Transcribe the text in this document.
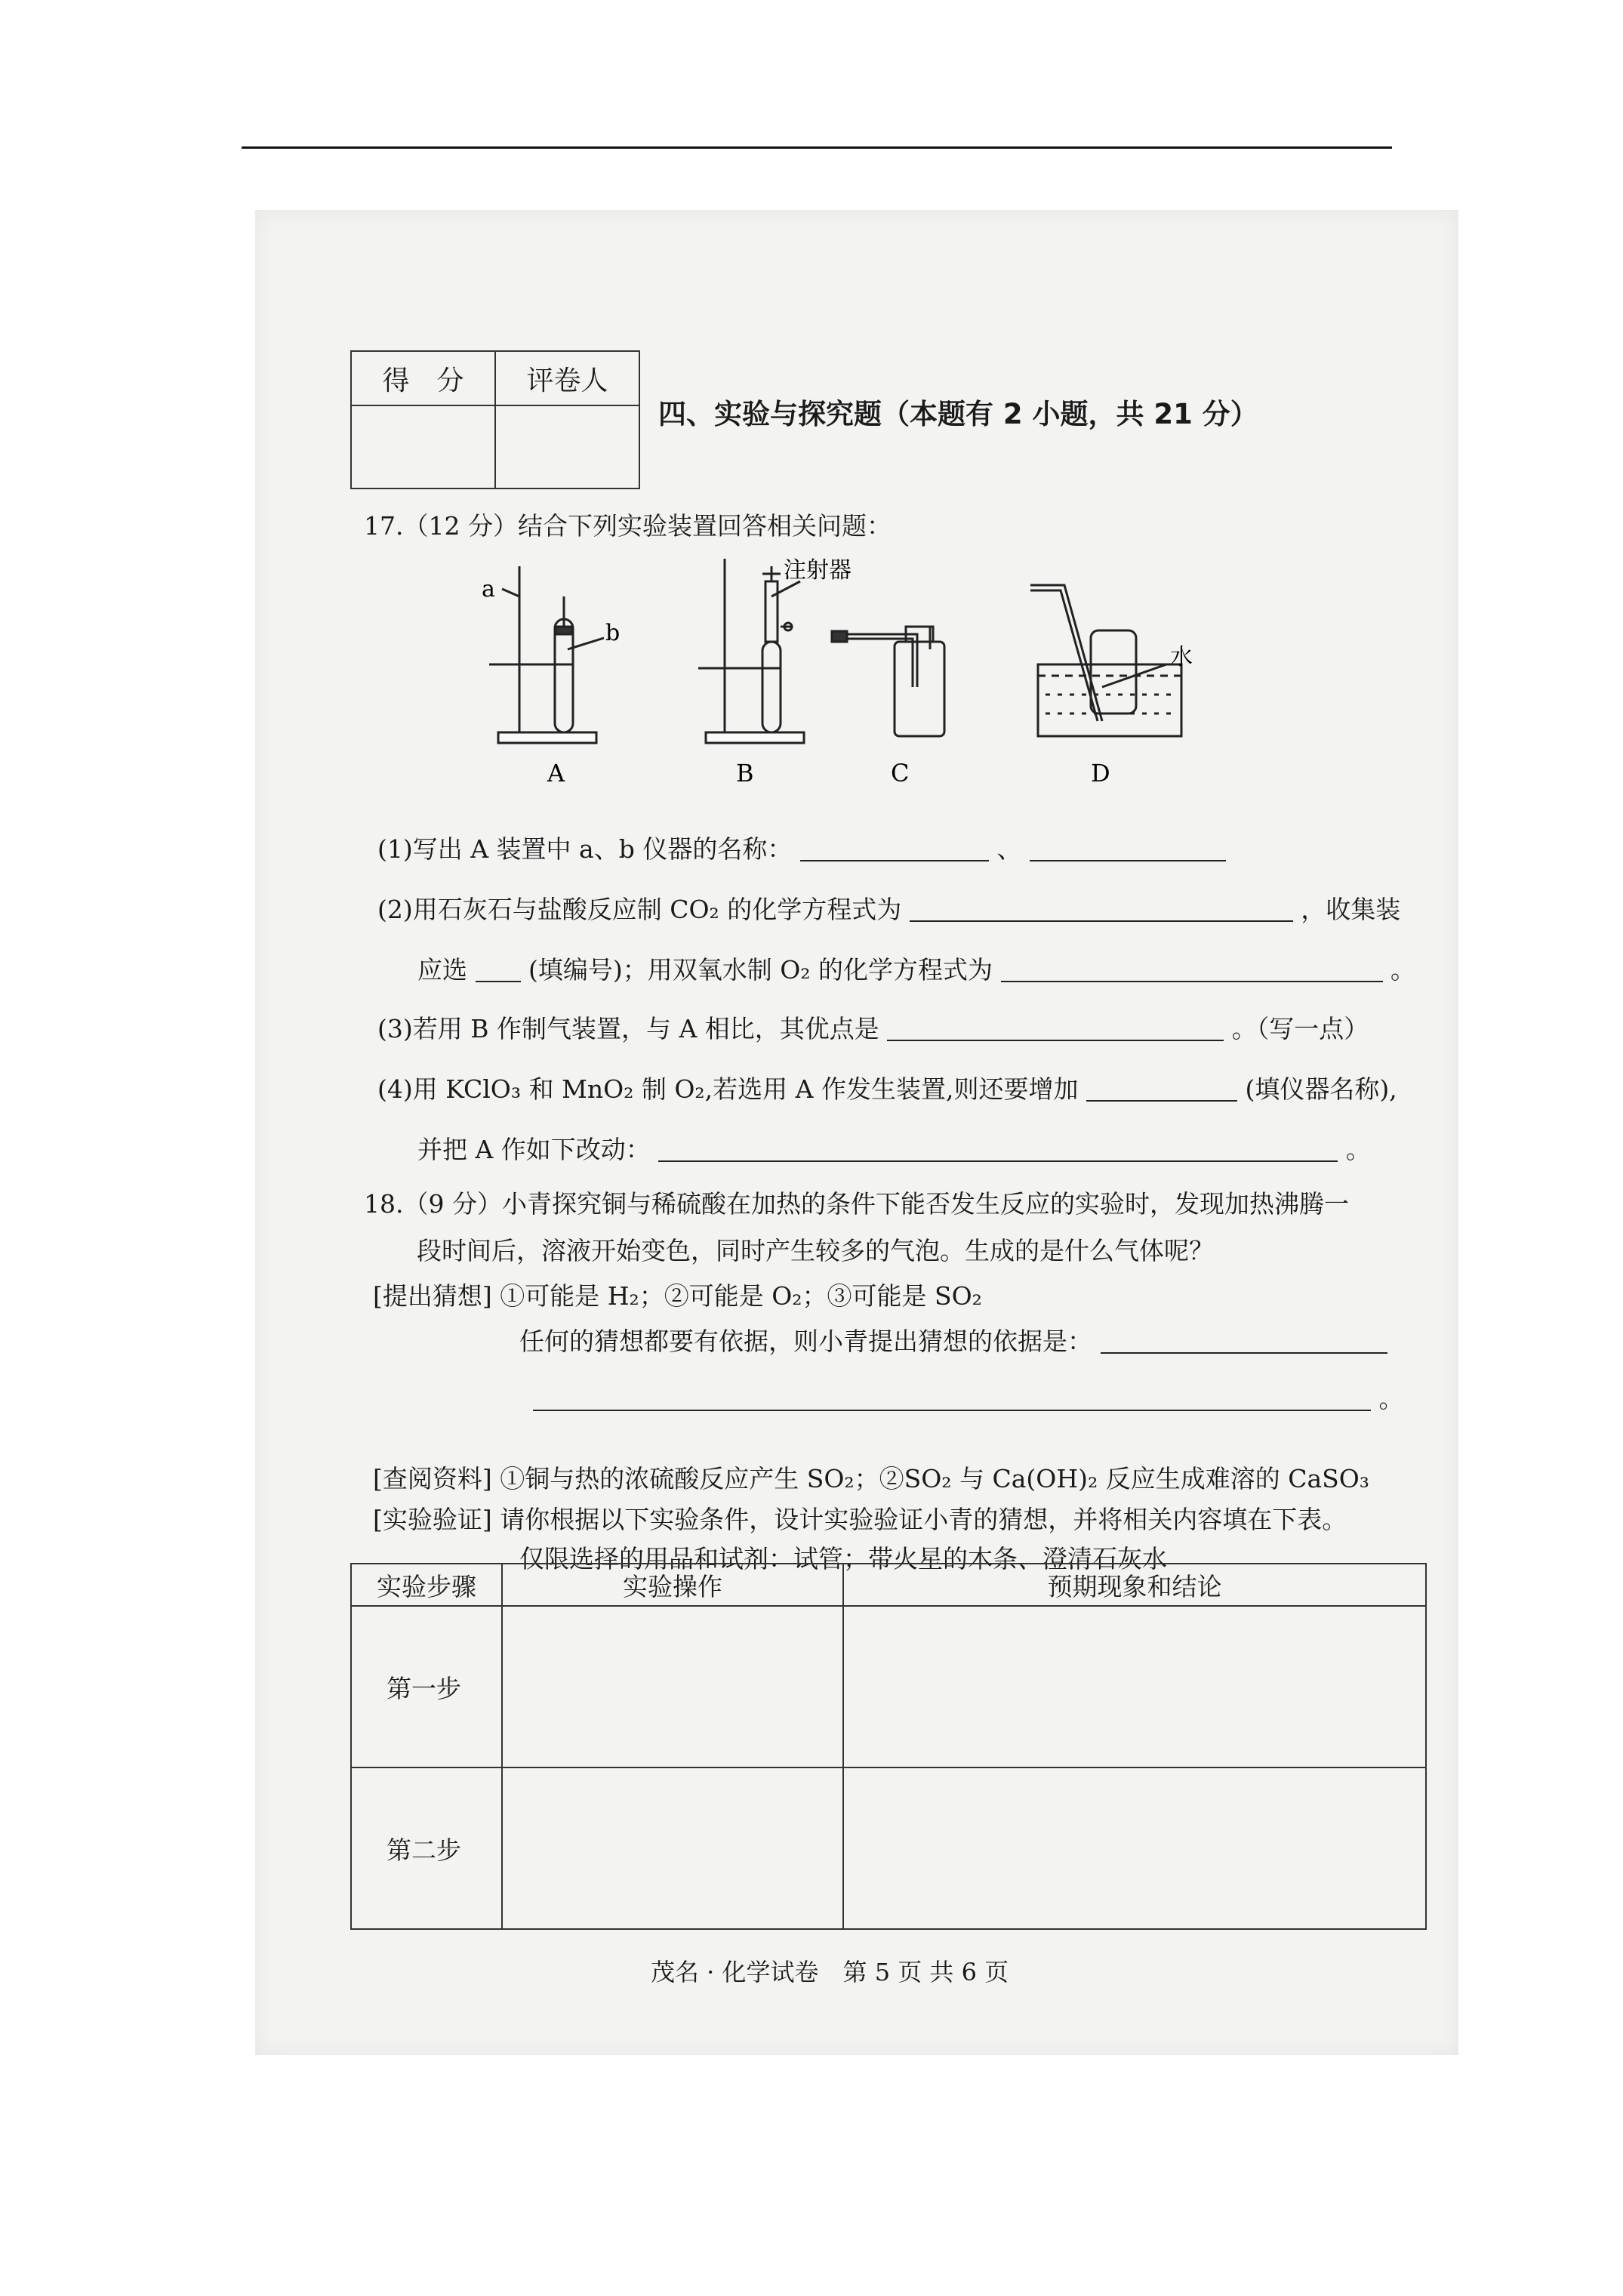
得　分	评卷人

四、实验与探究题（本题有 2 小题，共 21 分）
17.（12 分）结合下列实验装置回答相关问题：
a
b
注射器
水
A	B	C	D
(1)写出 A 装置中 a、b 仪器的名称：	、
(2)用石灰石与盐酸反应制 CO₂ 的化学方程式为	，收集装
应选 (填编号)；用双氧水制 O₂ 的化学方程式为	。
(3)若用 B 作制气装置，与 A 相比，其优点是	。（写一点）
(4)用 KClO₃ 和 MnO₂ 制 O₂,若选用 A 作发生装置,则还要增加	(填仪器名称),
并把 A 作如下改动：	。
18.（9 分）小青探究铜与稀硫酸在加热的条件下能否发生反应的实验时，发现加热沸腾一
段时间后，溶液开始变色，同时产生较多的气泡。生成的是什么气体呢？
[提出猜想] ①可能是 H₂；②可能是 O₂；③可能是 SO₂
任何的猜想都要有依据，则小青提出猜想的依据是：
。
[查阅资料] ①铜与热的浓硫酸反应产生 SO₂；②SO₂ 与 Ca(OH)₂ 反应生成难溶的 CaSO₃
[实验验证] 请你根据以下实验条件，设计实验验证小青的猜想，并将相关内容填在下表。
仅限选择的用品和试剂：试管；带火星的木条、澄清石灰水
实验步骤	实验操作	预期现象和结论
第一步		
第二步		
茂名 · 化学试卷　第 5 页 共 6 页
